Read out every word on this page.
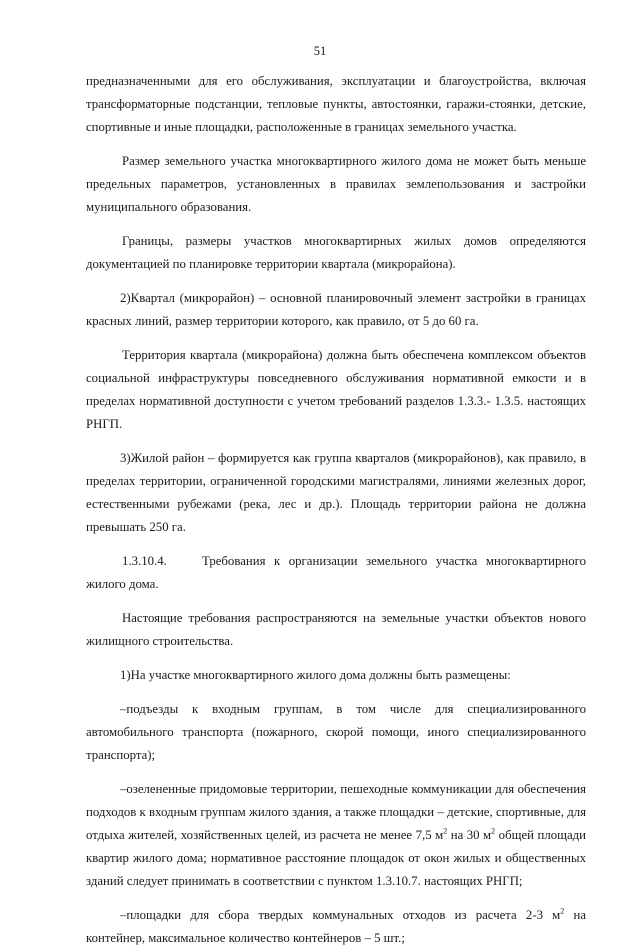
51

предназначенными для его обслуживания, эксплуатации и благоустройства, включая трансформаторные подстанции, тепловые пункты, автостоянки, гаражи-стоянки, детские, спортивные и иные площадки, расположенные в границах земельного участка.

Размер земельного участка многоквартирного жилого дома не может быть меньше предельных параметров, установленных в правилах землепользования и застройки муниципального образования.

Границы, размеры участков многоквартирных жилых домов определяются документацией по планировке территории квартала (микрорайона).

2)Квартал (микрорайон) – основной планировочный элемент застройки в границах красных линий, размер территории которого, как правило, от 5 до 60 га.

Территория квартала (микрорайона) должна быть обеспечена комплексом объектов социальной инфраструктуры повседневного обслуживания нормативной емкости и в пределах нормативной доступности с учетом требований разделов 1.3.3.- 1.3.5. настоящих РНГП.

3)Жилой район – формируется как группа кварталов (микрорайонов), как правило, в пределах территории, ограниченной городскими магистралями, линиями железных дорог, естественными рубежами (река, лес и др.). Площадь территории района не должна превышать 250 га.

1.3.10.4.	Требования к организации земельного участка многоквартирного жилого дома.

Настоящие требования распространяются на земельные участки объектов нового жилищного строительства.

1)На участке многоквартирного жилого дома должны быть размещены:

–подъезды к входным группам, в том числе для специализированного автомобильного транспорта (пожарного, скорой помощи, иного специализированного транспорта);

–озелененные придомовые территории, пешеходные коммуникации для обеспечения подходов к входным группам жилого здания, а также площадки – детские, спортивные, для отдыха жителей, хозяйственных целей, из расчета не менее 7,5 $м^2$ на 30 $м^2$ общей площади квартир жилого дома; нормативное расстояние площадок от окон жилых и общественных зданий следует принимать в соответствии с пунктом 1.3.10.7. настоящих РНГП;

–площадки для сбора твердых коммунальных отходов из расчета 2-3 $м^2$ на контейнер, максимальное количество контейнеров – 5 шт.;
